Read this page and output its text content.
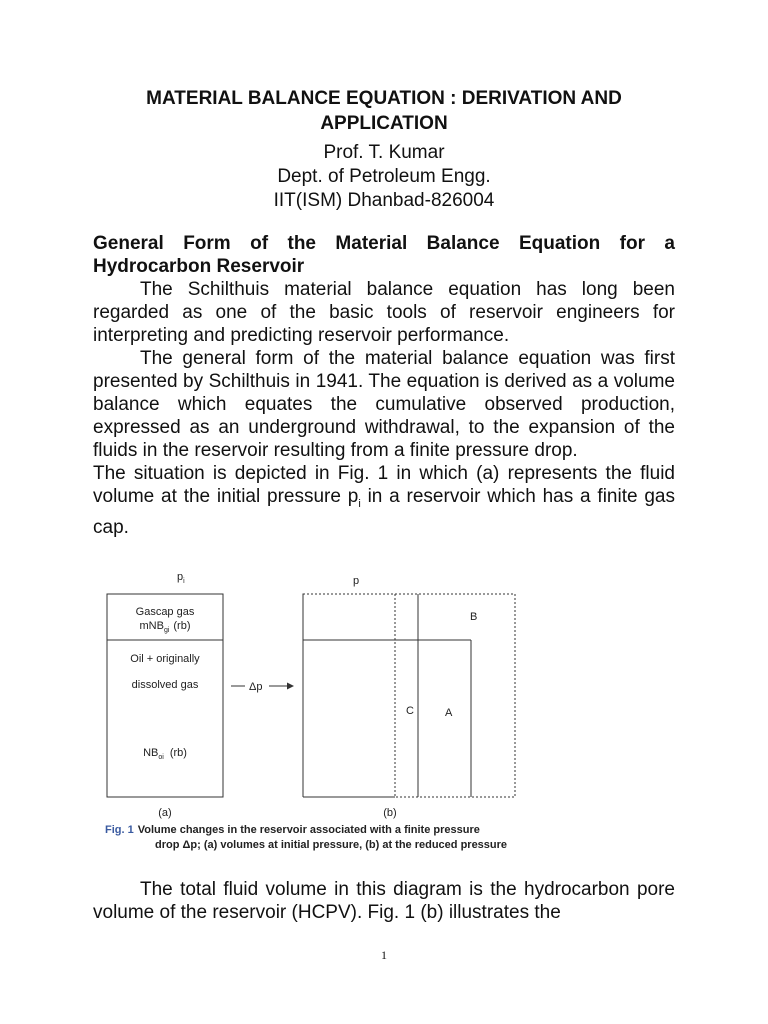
MATERIAL BALANCE EQUATION : DERIVATION AND
APPLICATION
Prof. T. Kumar
Dept. of Petroleum Engg.
IIT(ISM) Dhanbad-826004

General Form of the Material Balance Equation for a Hydrocarbon Reservoir

The Schilthuis material balance equation has long been regarded as one of the basic tools of reservoir engineers for interpreting and predicting reservoir performance.

The general form of the material balance equation was first presented by Schilthuis in 1941. The equation is derived as a volume balance which equates the cumulative observed production, expressed as an underground withdrawal, to the expansion of the fluids in the reservoir resulting from a finite pressure drop.

The situation is depicted in Fig. 1 in which (a) represents the fluid volume at the initial pressure $p_i$ in a reservoir which has a finite gas cap.

$p_i$	p
Gascap gas
mNB$_{gi}$ (rb)
Oil + originally
dissolved gas
$NB_{oi}$ (rb)
(a)
Δp
B
C	A
(b)
Fig. 1 Volume changes in the reservoir associated with a finite pressure
drop Δp; (a) volumes at initial pressure, (b) at the reduced pressure

The total fluid volume in this diagram is the hydrocarbon pore volume of the reservoir (HCPV). Fig. 1 (b) illustrates the

1
